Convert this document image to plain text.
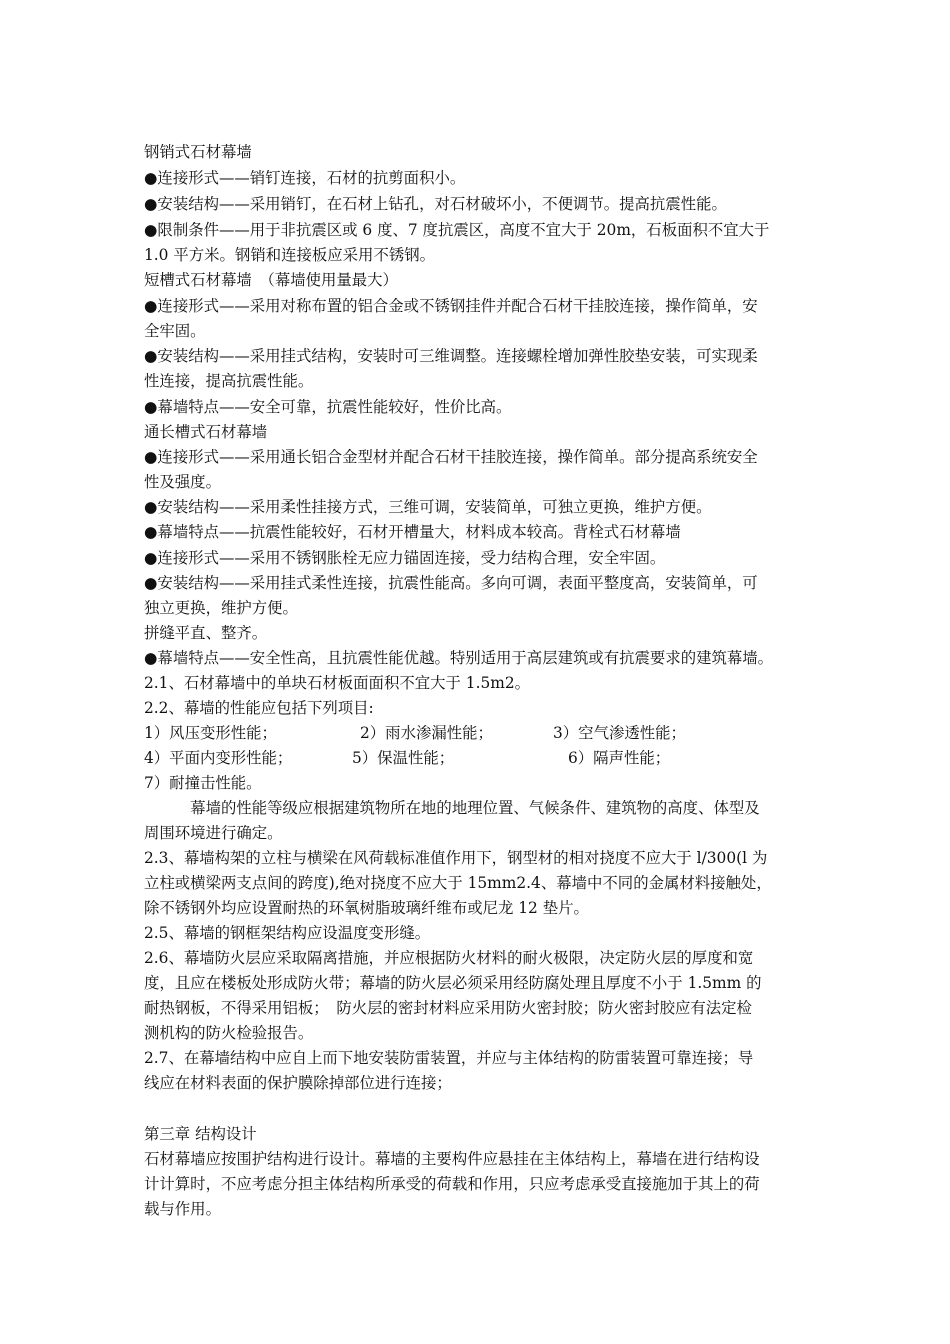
钢销式石材幕墙
●连接形式——销钉连接，石材的抗剪面积小。
●安装结构——采用销钉，在石材上钻孔，对石材破坏小，不便调节。提高抗震性能。
●限制条件——用于非抗震区或 6 度、7 度抗震区，高度不宜大于 20m，石板面积不宜大于
1.0 平方米。钢销和连接板应采用不锈钢。
短槽式石材幕墙　（幕墙使用量最大）
●连接形式——采用对称布置的铝合金或不锈钢挂件并配合石材干挂胶连接，操作简单，安
全牢固。
●安装结构——采用挂式结构，安装时可三维调整。连接螺栓增加弹性胶垫安装，可实现柔
性连接，提高抗震性能。
●幕墙特点——安全可靠，抗震性能较好，性价比高。
通长槽式石材幕墙
●连接形式——采用通长铝合金型材并配合石材干挂胶连接，操作简单。部分提高系统安全
性及强度。
●安装结构——采用柔性挂接方式，三维可调，安装简单，可独立更换，维护方便。
●幕墙特点——抗震性能较好，石材开槽量大，材料成本较高。背栓式石材幕墙
●连接形式——采用不锈钢胀栓无应力锚固连接，受力结构合理，安全牢固。
●安装结构——采用挂式柔性连接，抗震性能高。多向可调，表面平整度高，安装简单，可
独立更换，维护方便。
拼缝平直、整齐。
●幕墙特点——安全性高，且抗震性能优越。特别适用于高层建筑或有抗震要求的建筑幕墙。
2.1、石材幕墙中的单块石材板面面积不宜大于 1.5m2。
2.2、幕墙的性能应包括下列项目:
1）风压变形性能；	2）雨水渗漏性能；	3）空气渗透性能；
4）平面内变形性能；	5）保温性能；	6）隔声性能；
7）耐撞击性能。
　　　幕墙的性能等级应根据建筑物所在地的地理位置、气候条件、建筑物的高度、体型及
周围环境进行确定。
2.3、幕墙构架的立柱与横梁在风荷载标准值作用下，钢型材的相对挠度不应大于 l/300(l 为
立柱或横梁两支点间的跨度),绝对挠度不应大于 15mm2.4、幕墙中不同的金属材料接触处，
除不锈钢外均应设置耐热的环氧树脂玻璃纤维布或尼龙 12 垫片。
2.5、幕墙的钢框架结构应设温度变形缝。
2.6、幕墙防火层应采取隔离措施，并应根据防火材料的耐火极限，决定防火层的厚度和宽
度，且应在楼板处形成防火带；幕墙的防火层必须采用经防腐处理且厚度不小于 1.5mm 的
耐热钢板，不得采用铝板；　防火层的密封材料应采用防火密封胶；防火密封胶应有法定检
测机构的防火检验报告。
2.7、在幕墙结构中应自上而下地安装防雷装置，并应与主体结构的防雷装置可靠连接；导
线应在材料表面的保护膜除掉部位进行连接；
第三章 结构设计
石材幕墙应按围护结构进行设计。幕墙的主要构件应悬挂在主体结构上，幕墙在进行结构设
计计算时，不应考虑分担主体结构所承受的荷载和作用，只应考虑承受直接施加于其上的荷
载与作用。
